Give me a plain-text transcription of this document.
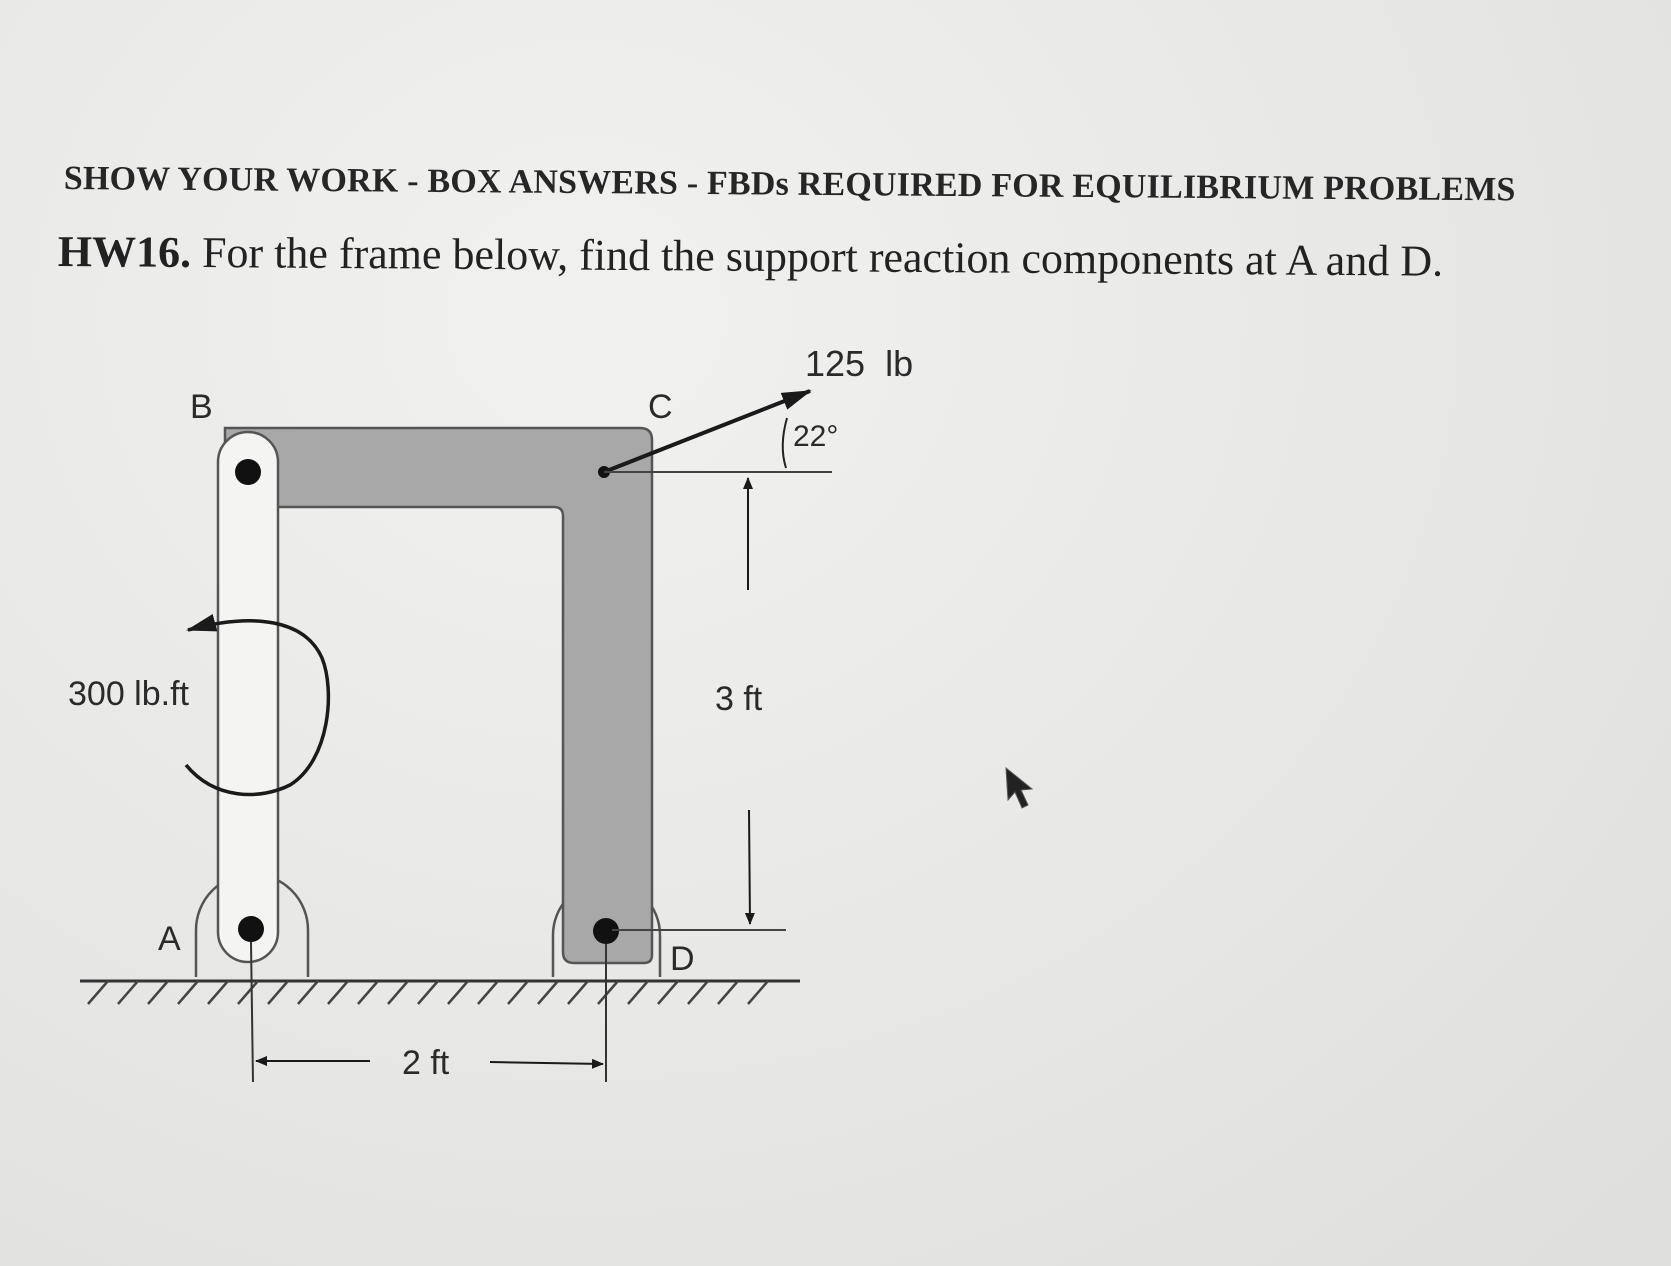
SHOW YOUR WORK - BOX ANSWERS - FBDs REQUIRED FOR EQUILIBRIUM PROBLEMS
HW16. For the frame below, find the support reaction components at A and D.
B	C
A
D
125  lb
22°
300 lb.ft	3 ft
2 ft
